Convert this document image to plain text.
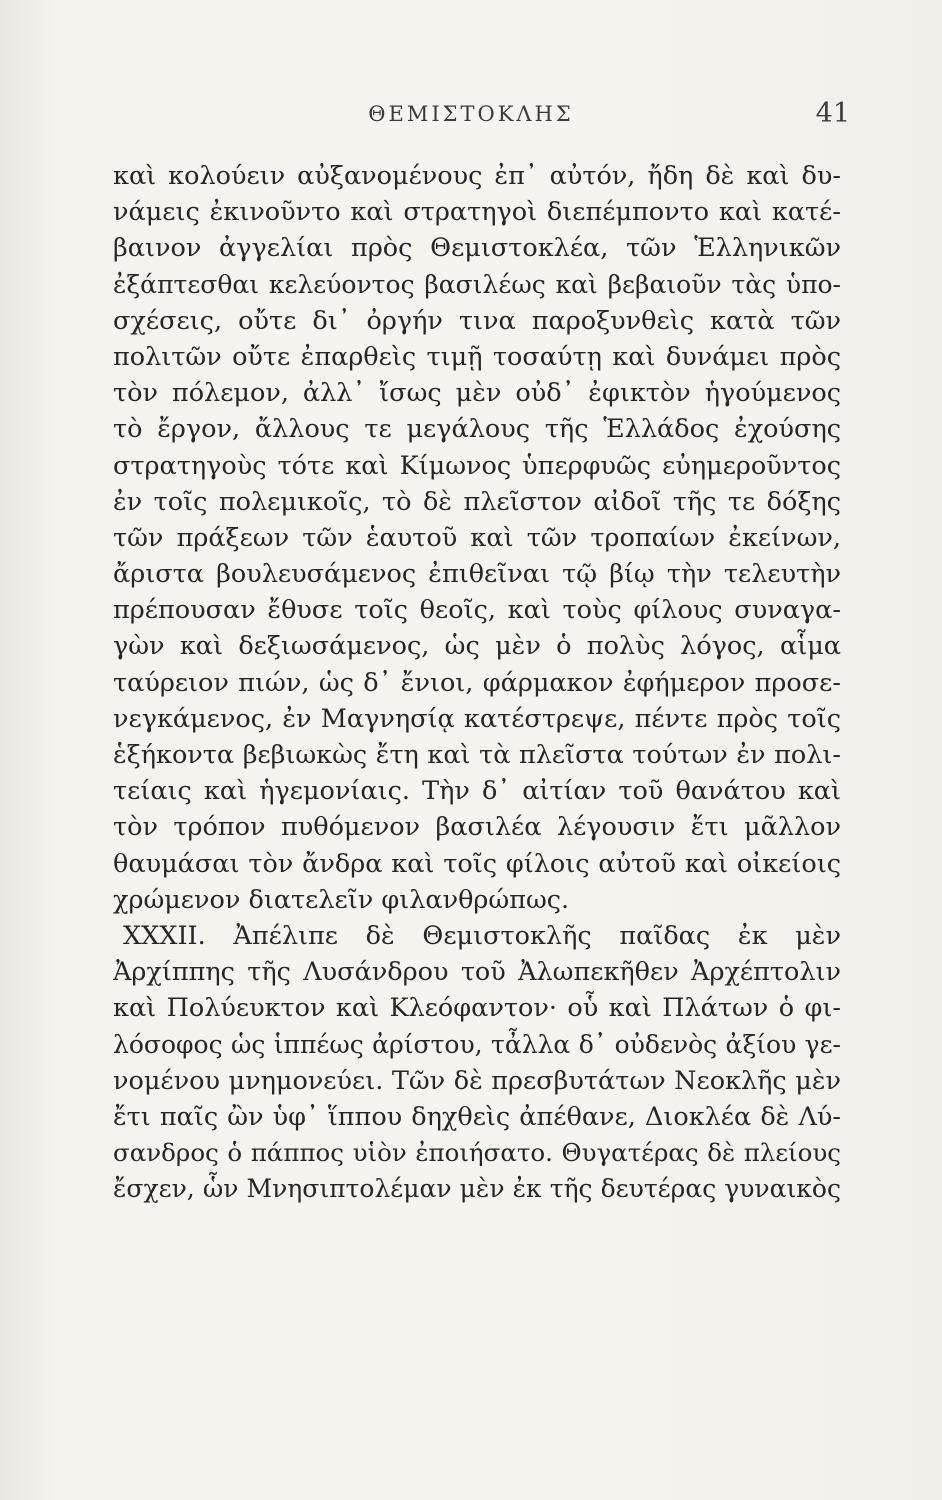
ΘΕΜΙΣΤΟΚΛΗΣ	41
καὶ κολούειν αὐξανομένους ἐπ᾿ αὐτόν, ἤδη δὲ καὶ δυ-
νάμεις ἐκινοῦντο καὶ στρατηγοὶ διεπέμποντο καὶ κατέ-
βαινον ἀγγελίαι πρὸς Θεμιστοκλέα, τῶν Ἑλληνικῶν
ἐξάπτεσθαι κελεύοντος βασιλέως καὶ βεβαιοῦν τὰς ὑπο-
σχέσεις, οὔτε δι᾿ ὀργήν τινα παροξυνθεὶς κατὰ τῶν
πολιτῶν οὔτε ἐπαρθεὶς τιμῇ τοσαύτῃ καὶ δυνάμει πρὸς
τὸν πόλεμον, ἀλλ᾿ ἴσως μὲν οὐδ᾿ ἐφικτὸν ἡγούμενος
τὸ ἔργον, ἄλλους τε μεγάλους τῆς Ἑλλάδος ἐχούσης
στρατηγοὺς τότε καὶ Κίμωνος ὑπερφυῶς εὐημεροῦντος
ἐν τοῖς πολεμικοῖς, τὸ δὲ πλεῖστον αἰδοῖ τῆς τε δόξης
τῶν πράξεων τῶν ἑαυτοῦ καὶ τῶν τροπαίων ἐκείνων,
ἄριστα βουλευσάμενος ἐπιθεῖναι τῷ βίῳ τὴν τελευτὴν
πρέπουσαν ἔθυσε τοῖς θεοῖς, καὶ τοὺς φίλους συναγα-
γὼν καὶ δεξιωσάμενος, ὡς μὲν ὁ πολὺς λόγος, αἷμα
ταύρειον πιών, ὡς δ᾿ ἔνιοι, φάρμακον ἐφήμερον προσε-
νεγκάμενος, ἐν Μαγνησίᾳ κατέστρεψε, πέντε πρὸς τοῖς
ἑξήκοντα βεβιωκὼς ἔτη καὶ τὰ πλεῖστα τούτων ἐν πολι-
τείαις καὶ ἡγεμονίαις. Τὴν δ᾿ αἰτίαν τοῦ θανάτου καὶ
τὸν τρόπον πυθόμενον βασιλέα λέγουσιν ἔτι μᾶλλον
θαυμάσαι τὸν ἄνδρα καὶ τοῖς φίλοις αὐτοῦ καὶ οἰκείοις
χρώμενον διατελεῖν φιλανθρώπως.
XXXII. Ἀπέλιπε δὲ Θεμιστοκλῆς παῖδας ἐκ μὲν
Ἀρχίππης τῆς Λυσάνδρου τοῦ Ἀλωπεκῆθεν Ἀρχέπτολιν
καὶ Πολύευκτον καὶ Κλεόφαντον· οὗ καὶ Πλάτων ὁ φι-
λόσοφος ὡς ἱππέως ἀρίστου, τἆλλα δ᾿ οὐδενὸς ἀξίου γε-
νομένου μνημονεύει. Τῶν δὲ πρεσβυτάτων Νεοκλῆς μὲν
ἔτι παῖς ὢν ὑφ᾿ ἵππου δηχθεὶς ἀπέθανε, Διοκλέα δὲ Λύ-
σανδρος ὁ πάππος υἱὸν ἐποιήσατο. Θυγατέρας δὲ πλείους
ἔσχεν, ὧν Μνησιπτολέμαν μὲν ἐκ τῆς δευτέρας γυναικὸς
